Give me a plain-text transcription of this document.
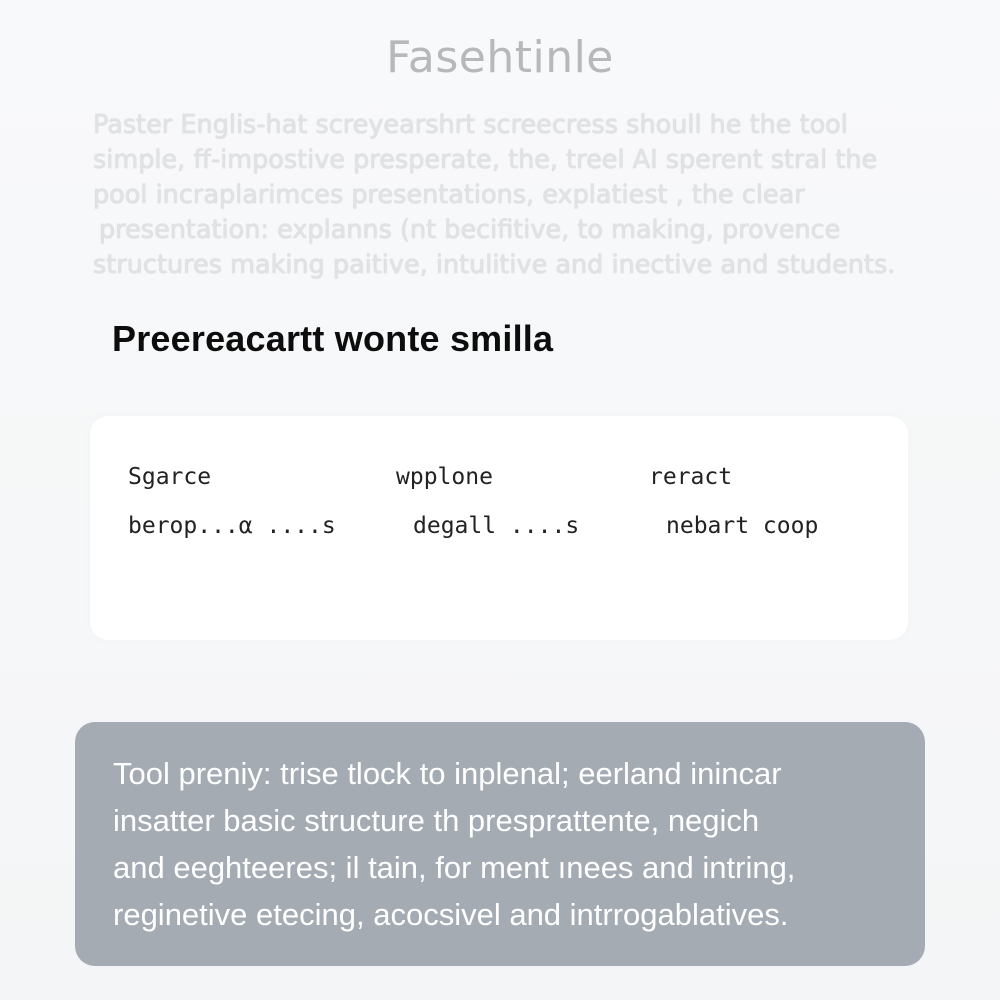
Fasehtinle
Paster Englis-hat screyearshrt screecress shoull he the tool
simple, ff-impostive presperate, the, treel AI sperent stral the
pool incraplarimces presentations, explatiest , the clear
presentation: explanns (nt becifitive, to making, provence
structures making paitive, intulitive and inective and students.
Preereacartt wonte smilla
Sgarce	wpplone	reract
berop...α ....s	degall ....s	nebart coop
Tool preniy: trise tlock to inplenal; eerland inincar
insatter basic structure th presprattente, negich
and eeghteeres; il tain, for ment ınees and intring,
reginetive eteсing, acocsivel and intrrogablatives.
